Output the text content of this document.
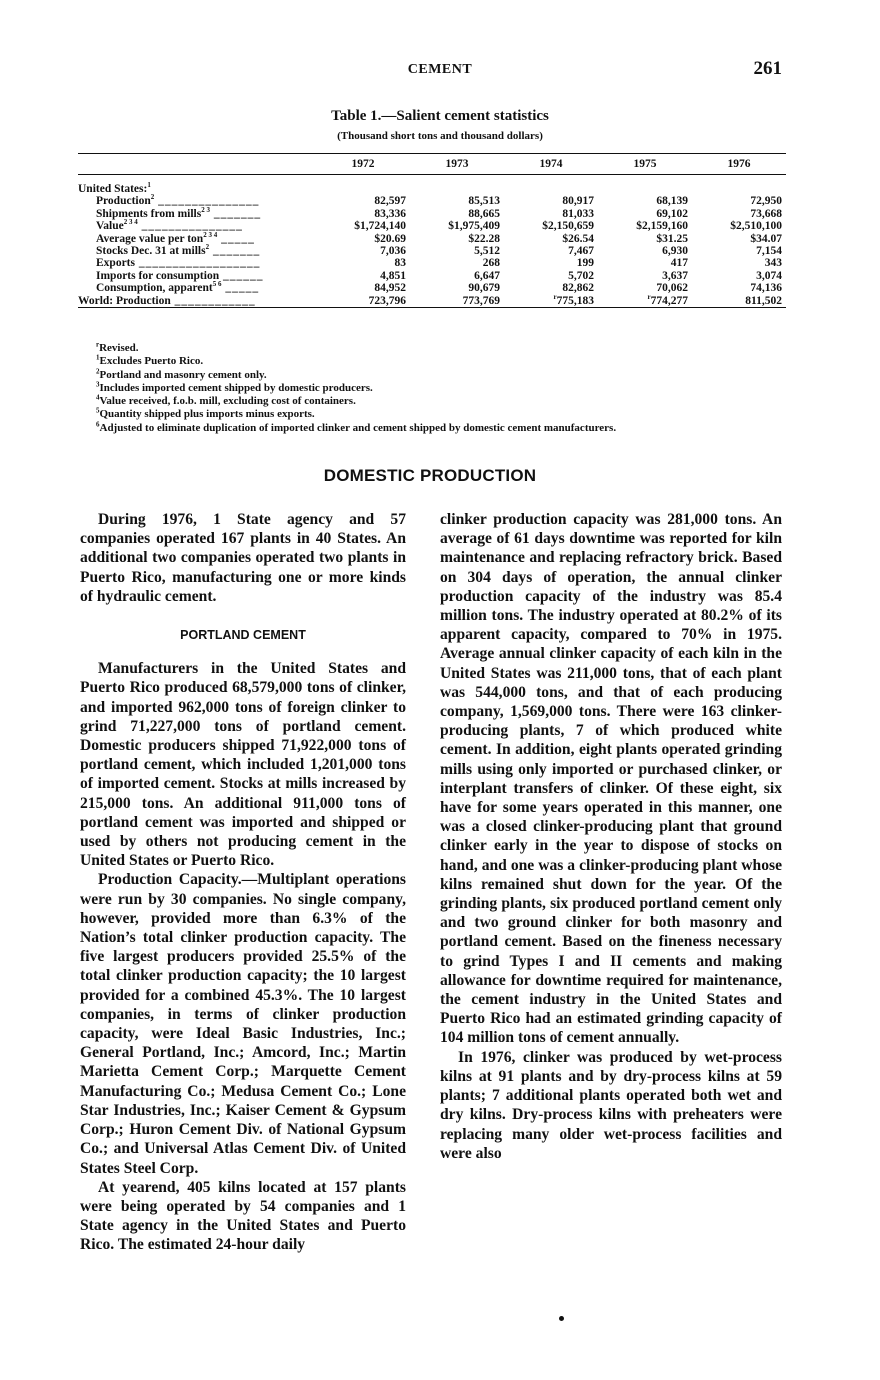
CEMENT	261
Table 1.—Salient cement statistics
(Thousand short tons and thousand dollars)
	1972	1973	1974	1975	1976

United States:$^1$					
Production$^2$ _______________	82,597	85,513	80,917	68,139	72,950
Shipments from mills$^{2 3}$ _______	83,336	88,665	81,033	69,102	73,668
Value$^{2 3 4}$ _______________	$1,724,140	$1,975,409	$2,150,659	$2,159,160	$2,510,100
Average value per ton$^{2 3 4}$ _____	$20.69	$22.28	$26.54	$31.25	$34.07
Stocks Dec. 31 at mills$^2$ _______	7,036	5,512	7,467	6,930	7,154
Exports __________________	83	268	199	417	343
Imports for consumption ______	4,851	6,647	5,702	3,637	3,074
Consumption, apparent$^{5 6}$ _____	84,952	90,679	82,862	70,062	74,136
World: Production ____________	723,796	773,769	$^r$775,183	$^r$774,277	811,502
$^r$Revised.
$^1$Excludes Puerto Rico.
$^2$Portland and masonry cement only.
$^3$Includes imported cement shipped by domestic producers.
$^4$Value received, f.o.b. mill, excluding cost of containers.
$^5$Quantity shipped plus imports minus exports.
$^6$Adjusted to eliminate duplication of imported clinker and cement shipped by domestic cement manufacturers.
DOMESTIC PRODUCTION

During 1976, 1 State agency and 57 companies operated 167 plants in 40 States. An additional two companies operated two plants in Puerto Rico, manufacturing one or more kinds of hydraulic cement.

PORTLAND CEMENT

Manufacturers in the United States and Puerto Rico produced 68,579,000 tons of clinker, and imported 962,000 tons of foreign clinker to grind 71,227,000 tons of portland cement. Domestic producers shipped 71,922,000 tons of portland cement, which included 1,201,000 tons of imported cement. Stocks at mills increased by 215,000 tons. An additional 911,000 tons of portland cement was imported and shipped or used by others not producing cement in the United States or Puerto Rico.

Production Capacity.—Multiplant operations were run by 30 companies. No single company, however, provided more than 6.3% of the Nation’s total clinker production capacity. The five largest producers provided 25.5% of the total clinker production capacity; the 10 largest provided for a combined 45.3%. The 10 largest companies, in terms of clinker production capacity, were Ideal Basic Industries, Inc.; General Portland, Inc.; Amcord, Inc.; Martin Marietta Cement Corp.; Marquette Cement Manufacturing Co.; Medusa Cement Co.; Lone Star Industries, Inc.; Kaiser Cement & Gypsum Corp.; Huron Cement Div. of National Gypsum Co.; and Universal Atlas Cement Div. of United States Steel Corp.

At yearend, 405 kilns located at 157 plants were being operated by 54 companies and 1 State agency in the United States and Puerto Rico. The estimated 24-hour daily

clinker production capacity was 281,000 tons. An average of 61 days downtime was reported for kiln maintenance and replacing refractory brick. Based on 304 days of operation, the annual clinker production capacity of the industry was 85.4 million tons. The industry operated at 80.2% of its apparent capacity, compared to 70% in 1975. Average annual clinker capacity of each kiln in the United States was 211,000 tons, that of each plant was 544,000 tons, and that of each producing company, 1,569,000 tons. There were 163 clinker-producing plants, 7 of which produced white cement. In addition, eight plants operated grinding mills using only imported or purchased clinker, or interplant transfers of clinker. Of these eight, six have for some years operated in this manner, one was a closed clinker-producing plant that ground clinker early in the year to dispose of stocks on hand, and one was a clinker-producing plant whose kilns remained shut down for the year. Of the grinding plants, six produced portland cement only and two ground clinker for both masonry and portland cement. Based on the fineness necessary to grind Types I and II cements and making allowance for downtime required for maintenance, the cement industry in the United States and Puerto Rico had an estimated grinding capacity of 104 million tons of cement annually.

In 1976, clinker was produced by wet-process kilns at 91 plants and by dry-process kilns at 59 plants; 7 additional plants operated both wet and dry kilns. Dry-process kilns with preheaters were replacing many older wet-process facilities and were also
